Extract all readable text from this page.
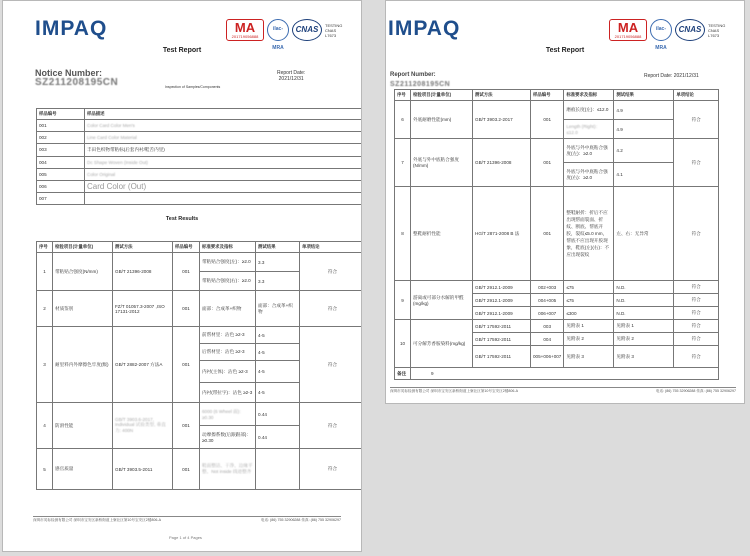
IMPAQ	MA
201719056888
ilac-MRA
CNAS	TESTING CNAS L7673
Test Report
Notice Number:
SZ211208195CN
Report Date:
2021/12/31
Inspection of Samples/Components
样品编号	样品描述
001	Color Card Color Men's
002	Line Card Color Material
003	丰田色织物带粘标(后套内衬/鞋舌内里)
004	Dc Shape Woven (Inside Out)
005	Color Original
006	Card Color (Out)
007	
Test Results
序号	检验项目(计量单位)	测试方法	样品编号	标准要求及指标	测试结果	单项结论
1	带粘贴合强度(N/mm)	GB/T 21396-2008	001	带粘贴合强度(左)：≥2.0	3.3	符合
				带粘贴合强度(右)：≥2.0	3.3	
2	材质鉴别	FZ/T 01057.3-2007 ,ISO 17131-2012	001	面部：合成革+织物	面部：合成革+织物	符合
3	耐里料内外摩擦色牢度(级)	GB/T 2882-2007 方法A	001	前帮材里：沾色 ≥2-3	4-5	符合
				后帮材里：沾色 ≥2-3	4-5	
				内衬(主体)：沾色 ≥2-3	4-5	
				内衬(带拉字)：沾色 ≥2-3	4-5	
4	防滑性能	GB/T 3903.6-2017, Individual 试验类型, 垂直力: 400N	001	6000 (6 Wheel 面)：≥0.30	0.44	符合
				动摩擦系数(后跟跟部)：≥0.30	0.44	
5	感官质量	GB/T 3903.5-2011	001	鞋面整洁、干净、边缘平整、Not inside 线迹整齐		符合
深圳市英标检测有限公司 深圳市宝安区新桥街道上寮社区第10号宝安区2楼806-A	电话: (86) 755 32906288 传真: (86) 755 32906297
Page 1 of 4 Pages
IMPAQ	MA
201719056888
ilac-MRA
CNAS	TESTING CNAS L7673
Test Report
Report Number:
SZ211208195CN
Report Date: 2021/12/31
序号	检验项目(计量单位)	测试方法	样品编号	标准要求及指标	测试结果	单项结论
6	外底耐磨性能(mm)	GB/T 3903.2-2017	001	磨痕长度(左)：≤12.0	4.9	符合
				Length (Right)：≤12.0	4.9	
7	外底与外中底粘合强度(N/mm)	GB/T 21396-2008	001	外底与外中底粘合强度(左)：≥2.0	4.2	符合
				外底与外中底粘合强度(右)：≥2.0	4.1	
8	整鞋耐折性能	HG/T 2871-2008 B 法	001	整鞋耐折：折后不应出现帮面裂面、折纹、断底、帮底开胶，裂纹≤5.0 mm，帮底不应出现开胶现象，鞋底(左)(右)：不应出现裂纹	左、右：无异常	符合
9	游离或可部分水解的甲醛(mg/kg)	GB/T 2912.1-2009	002+003	≤75	N.D.	符合
		GB/T 2912.1-2009	004+005	≤75	N.D.	符合
		GB/T 2912.1-2009	006+007	≤300	N.D.	符合
10	可分解芳香胺染料(mg/kg)	GB/T 17592-2011	003	见附表 1	见附表 1	符合
		GB/T 17592-2011	004	见附表 2	见附表 2	符合
		GB/T 17592-2011	005+006+007	见附表 3	见附表 3	符合
备注	9					
深圳市英标检测有限公司 深圳市宝安区新桥街道上寮社区第10号宝安区2楼806-A	电话: (86) 755 32906288 传真: (86) 755 32906297
